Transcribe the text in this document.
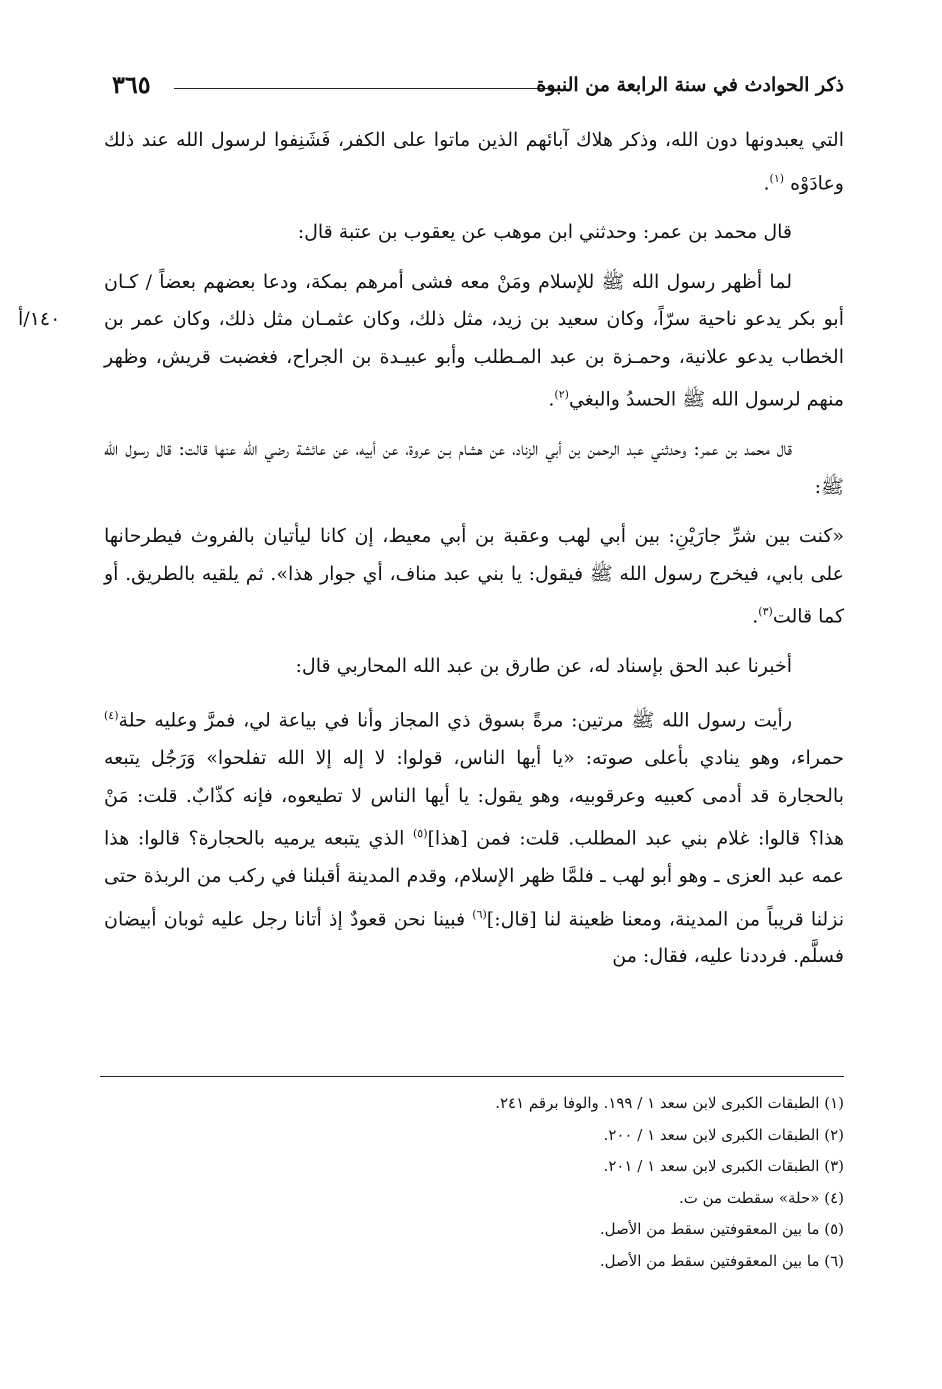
٣٦٥	ذكر الحوادث في سنة الرابعة من النبوة
١٤٠/أ

التي يعبدونها دون الله، وذكر هلاك آبائهم الذين ماتوا على الكفر، فَشَنِفوا لرسول الله عند ذلك وعادَوْه $^{(١)}$.

قال محمد بن عمر: وحدثني ابن موهب عن يعقوب بن عتبة قال:

لما أظهر رسول الله ﷺ للإسلام ومَنْ معه فشى أمرهم بمكة، ودعا بعضهم بعضاً / كـان أبو بكر يدعو ناحية سرّاً، وكان سعيد بن زيد، مثل ذلك، وكان عثمـان مثل ذلك، وكان عمر بن الخطاب يدعو علانية، وحمـزة بن عبد المـطلب وأبو عبيـدة بن الجراح، فغضبت قريش، وظهر منهم لرسول الله ﷺ الحسدُ والبغي$^{(٢)}$.

قال محمد بن عمر: وحدثني عبد الرحمن بن أبي الزناد، عن هشام بـن عروة، عن أبيه، عن عائشة رضي الله عنها قالت: قال رسول الله ﷺ:

«كنت بين شرِّ جارَيْنِ: بين أبي لهب وعقبة بن أبي معيط، إن كانا ليأتيان بالفروث فيطرحانها على بابي، فيخرج رسول الله ﷺ فيقول: يا بني عبد مناف، أي جوار هذا». ثم يلقيه بالطريق. أو كما قالت$^{(٣)}$.

أخبرنا عبد الحق بإسناد له، عن طارق بن عبد الله المحاربي قال:

رأيت رسول الله ﷺ مرتين: مرةً بسوق ذي المجاز وأنا في بياعة لي، فمرَّ وعليه حلة$^{(٤)}$ حمراء، وهو ينادي بأعلى صوته: «يا أيها الناس، قولوا: لا إله إلا الله تفلحوا» وَرَجُل يتبعه بالحجارة قد أدمى كعبيه وعرقوبيه، وهو يقول: يا أيها الناس لا تطيعوه، فإنه كذّابٌ. قلت: مَنْ هذا؟ قالوا: غلام بني عبد المطلب. قلت: فمن [هذا]$^{(٥)}$ الذي يتبعه يرميه بالحجارة؟ قالوا: هذا عمه عبد العزى ـ وهو أبو لهب ـ فلمَّا ظهر الإسلام، وقدم المدينة أقبلنا في ركب من الربذة حتى نزلنا قريباً من المدينة، ومعنا ظعينة لنا [قال:]$^{(٦)}$ فبينا نحن قعودٌ إذ أتانا رجل عليه ثوبان أبيضان فسلَّم. فرددنا عليه، فقال: من

(١) الطبقات الكبرى لابن سعد ١ / ١٩٩. والوفا برقم ٢٤١.
(٢) الطبقات الكبرى لابن سعد ١ / ٢٠٠.
(٣) الطبقات الكبرى لابن سعد ١ / ٢٠١.
(٤) «حلة» سقطت من ت.
(٥) ما بين المعقوفتين سقط من الأصل.
(٦) ما بين المعقوفتين سقط من الأصل.
